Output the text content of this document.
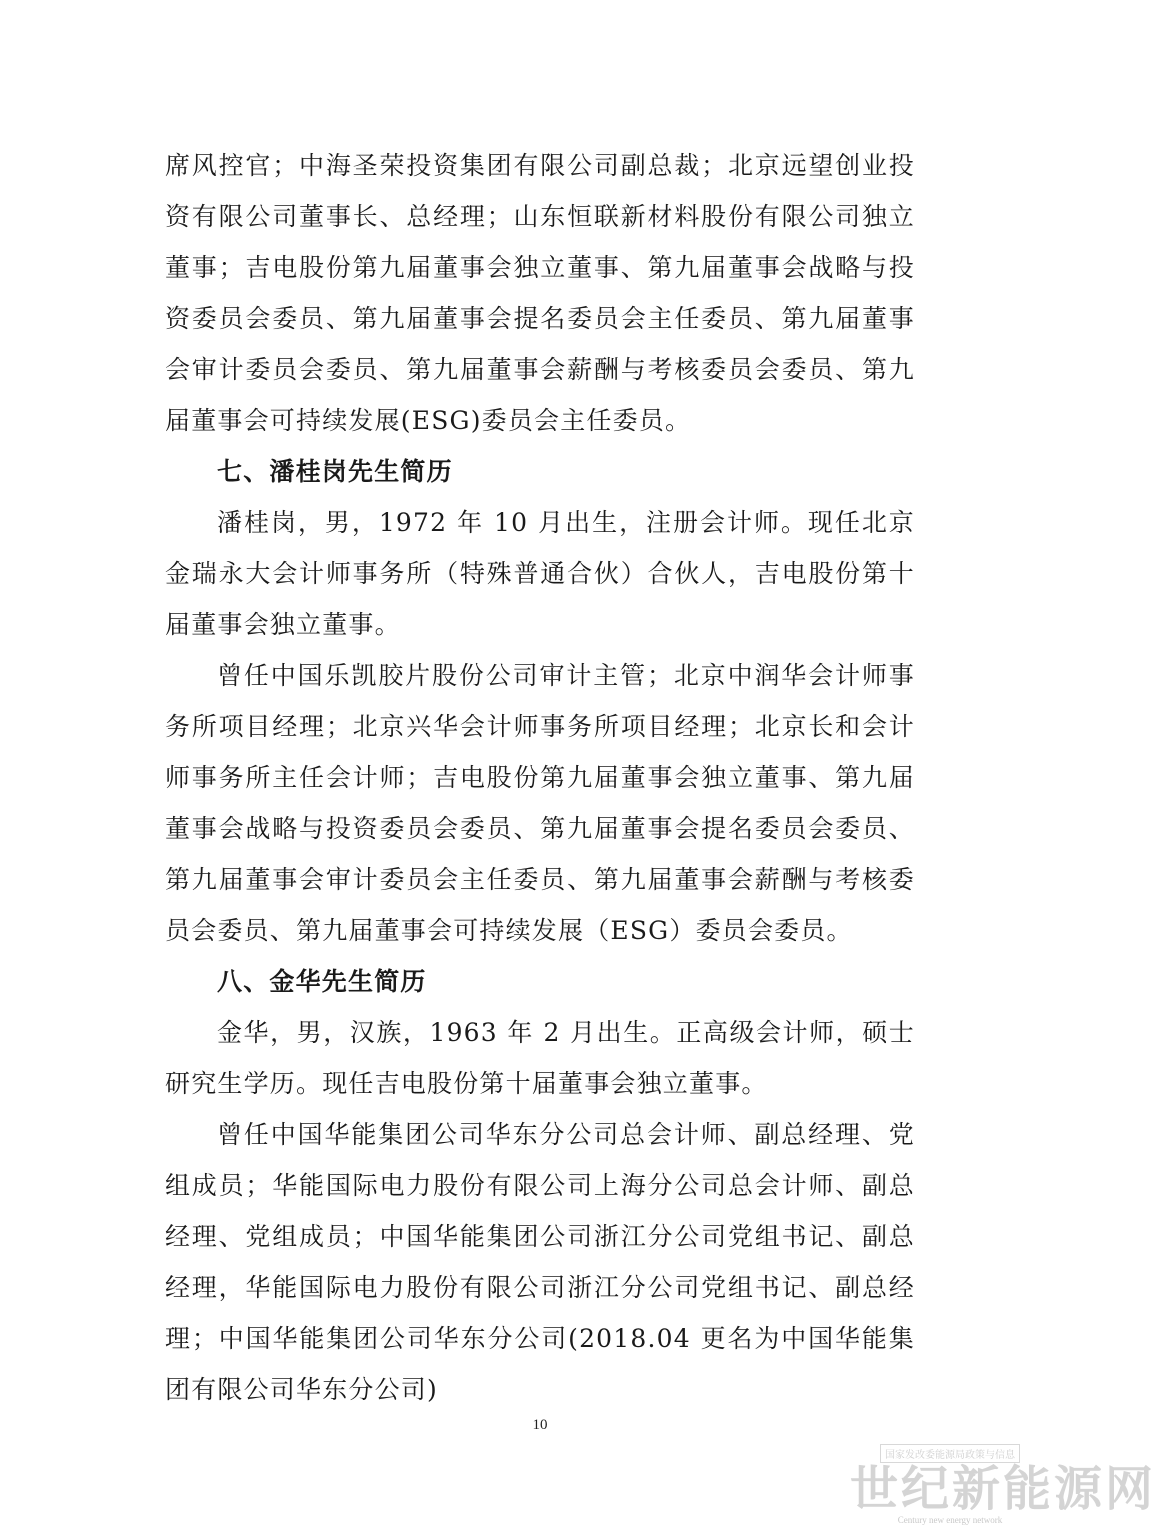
席风控官；中海圣荣投资集团有限公司副总裁；北京远望创业投资有限公司董事长、总经理；山东恒联新材料股份有限公司独立董事；吉电股份第九届董事会独立董事、第九届董事会战略与投资委员会委员、第九届董事会提名委员会主任委员、第九届董事会审计委员会委员、第九届董事会薪酬与考核委员会委员、第九届董事会可持续发展(ESG)委员会主任委员。

七、潘桂岗先生简历

潘桂岗，男，1972 年 10 月出生，注册会计师。现任北京金瑞永大会计师事务所（特殊普通合伙）合伙人，吉电股份第十届董事会独立董事。

曾任中国乐凯胶片股份公司审计主管；北京中润华会计师事务所项目经理；北京兴华会计师事务所项目经理；北京长和会计师事务所主任会计师；吉电股份第九届董事会独立董事、第九届董事会战略与投资委员会委员、第九届董事会提名委员会委员、第九届董事会审计委员会主任委员、第九届董事会薪酬与考核委员会委员、第九届董事会可持续发展（ESG）委员会委员。

八、金华先生简历

金华，男，汉族，1963 年 2 月出生。正高级会计师，硕士研究生学历。现任吉电股份第十届董事会独立董事。

曾任中国华能集团公司华东分公司总会计师、副总经理、党组成员；华能国际电力股份有限公司上海分公司总会计师、副总经理、党组成员；中国华能集团公司浙江分公司党组书记、副总经理，华能国际电力股份有限公司浙江分公司党组书记、副总经理；中国华能集团公司华东分公司(2018.04 更名为中国华能集团有限公司华东分公司)

10
国家发改委能源局政策与信息
世纪新能源网
Century new energy network
